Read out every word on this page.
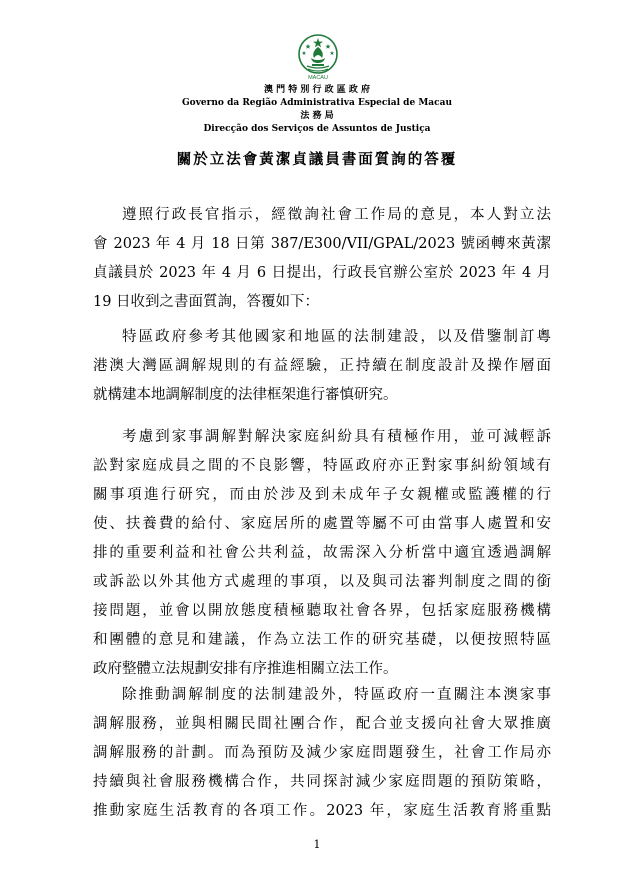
MACAU
澳 門 特 別 行 政 區 政 府
Governo da Região Administrativa Especial de Macau
法 務 局
Direcção dos Serviços de Assuntos de Justiça
關於立法會黃潔貞議員書面質詢的答覆
遵照行政長官指示，經徵詢社會工作局的意見，本人對立法
會 2023 年 4 月 18 日第 387/E300/VII/GPAL/2023 號函轉來黃潔
貞議員於 2023 年 4 月 6 日提出，行政長官辦公室於 2023 年 4 月
19 日收到之書面質詢，答覆如下：
特區政府參考其他國家和地區的法制建設，以及借鑒制訂粵
港澳大灣區調解規則的有益經驗，正持續在制度設計及操作層面
就構建本地調解制度的法律框架進行審慎研究。
考慮到家事調解對解決家庭糾紛具有積極作用，並可減輕訴
訟對家庭成員之間的不良影響，特區政府亦正對家事糾紛領域有
關事項進行研究，而由於涉及到未成年子女親權或監護權的行
使、扶養費的給付、家庭居所的處置等屬不可由當事人處置和安
排的重要利益和社會公共利益，故需深入分析當中適宜透過調解
或訴訟以外其他方式處理的事項，以及與司法審判制度之間的銜
接問題，並會以開放態度積極聽取社會各界，包括家庭服務機構
和團體的意見和建議，作為立法工作的研究基礎，以便按照特區
政府整體立法規劃安排有序推進相關立法工作。
除推動調解制度的法制建設外，特區政府一直關注本澳家事
調解服務，並與相關民間社團合作，配合並支援向社會大眾推廣
調解服務的計劃。而為預防及減少家庭問題發生，社會工作局亦
持續與社會服務機構合作，共同探討減少家庭問題的預防策略，
推動家庭生活教育的各項工作。2023 年，家庭生活教育將重點
1
